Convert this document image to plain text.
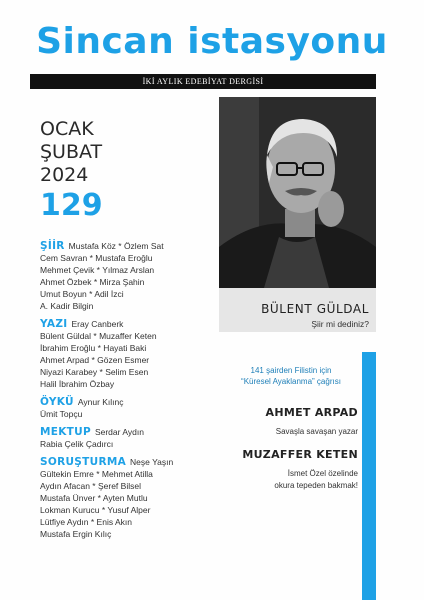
Sincan istasyonu
İKİ AYLIK EDEBİYAT DERGİSİ
OCAK
ŞUBAT
2024
129
ŞİİR Mustafa Köz * Özlem Sat
Cem Savran * Mustafa Eroğlu
Mehmet Çevik * Yılmaz Arslan
Ahmet Özbek * Mirza Şahin
Umut Boyun * Adil İzci
A. Kadir Bilgin
YAZI Eray Canberk
Bülent Güldal * Muzaffer Keten
İbrahim Eroğlu * Hayati Baki
Ahmet Arpad * Gözen Esmer
Niyazi Karabey * Selim Esen
Halil İbrahim Özbay
ÖYKÜ Aynur Kılınç
Ümit Topçu
MEKTUP Serdar Aydın
Rabia Çelik Çadırcı
SORUŞTURMA Neşe Yaşın
Gültekin Emre * Mehmet Atilla
Aydın Afacan * Şeref Bilsel
Mustafa Ünver * Ayten Mutlu
Lokman Kurucu * Yusuf Alper
Lütfiye Aydın * Enis Akın
Mustafa Ergin Kılıç
BÜLENT GÜLDAL
Şiir mi dediniz?
141 şairden Filistin için
“Küresel Ayaklanma” çağrısı
AHMET ARPAD
Savaşla savaşan yazar
MUZAFFER KETEN
İsmet Özel özelinde
okura tepeden bakmak!
